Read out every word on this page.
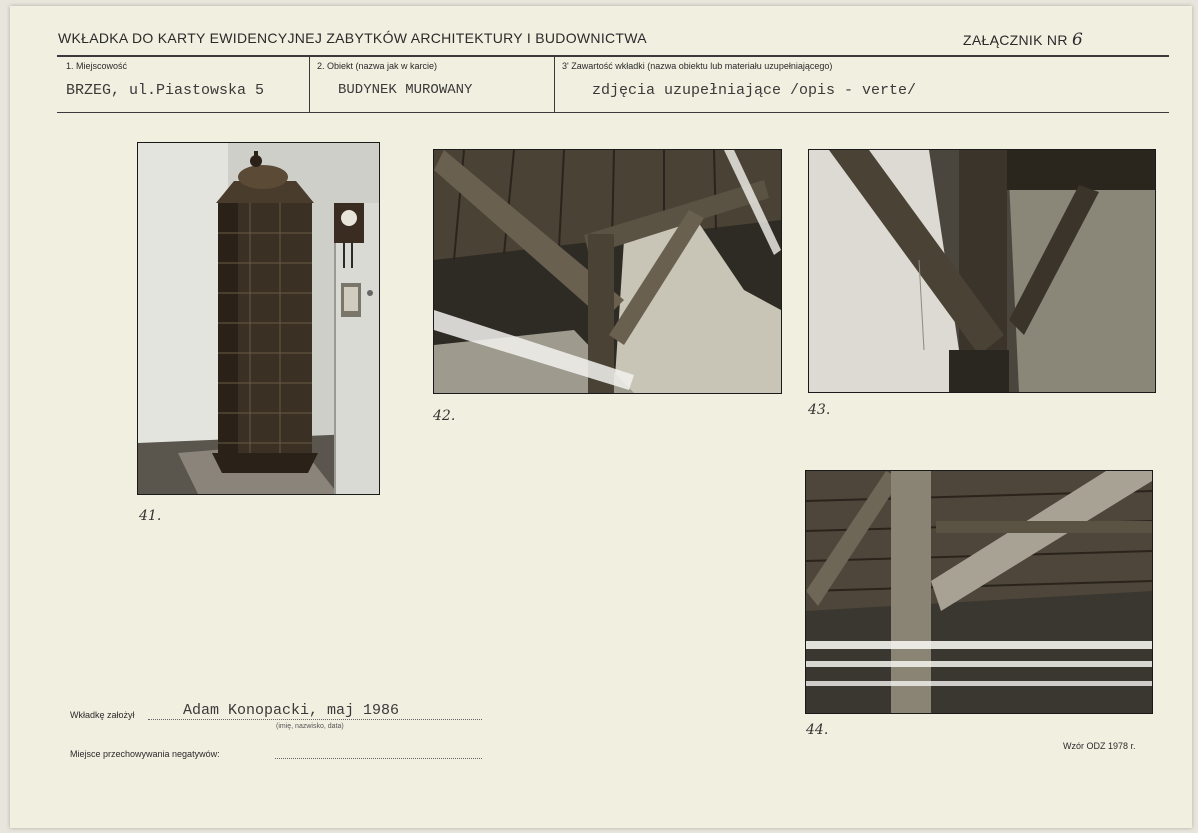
WKŁADKA DO KARTY EWIDENCYJNEJ ZABYTKÓW ARCHITEKTURY I BUDOWNICTWA	ZAŁĄCZNIK NR 6
1. Miejscowość
BRZEG, ul.Piastowska 5
2. Obiekt (nazwa jak w karcie)
BUDYNEK MUROWANY
3' Zawartość wkładki (nazwa obiektu lub materiału uzupełniającego)
zdjęcia uzupełniające /opis - verte/
41.
42.	43.
44.
Wkładkę założył	Adam Konopacki, maj 1986
(imię, nazwisko, data)
Miejsce przechowywania negatywów:
Wzór ODZ 1978 r.
